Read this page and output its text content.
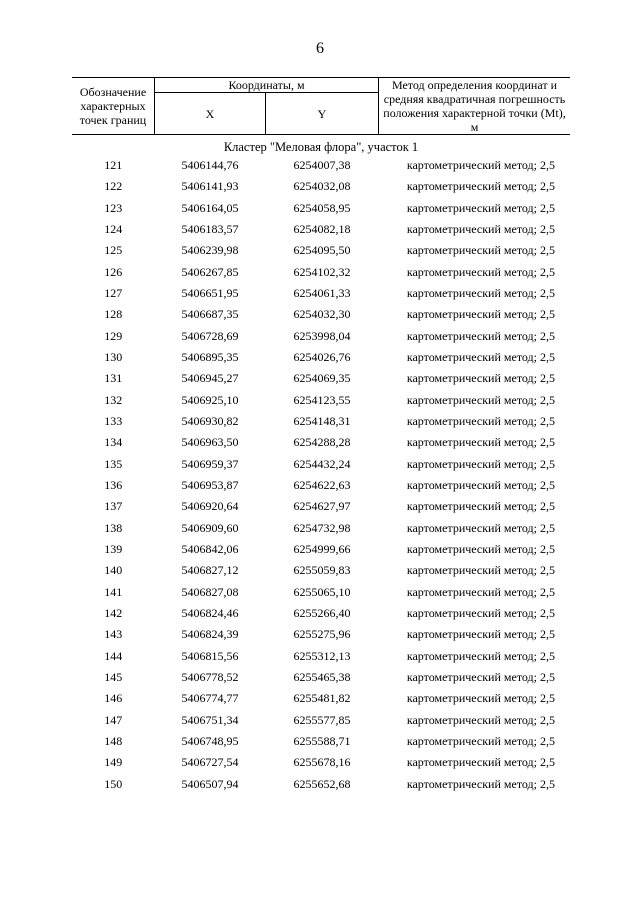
6
Обозначение характерных точек границ	Координаты, м		Метод определения координат и средняя квадратичная погрешность положения характерной точки (Mt), м
	X	Y	
Кластер "Меловая флора", участок 1			
121	5406144,76	6254007,38	картометрический метод; 2,5
122	5406141,93	6254032,08	картометрический метод; 2,5
123	5406164,05	6254058,95	картометрический метод; 2,5
124	5406183,57	6254082,18	картометрический метод; 2,5
125	5406239,98	6254095,50	картометрический метод; 2,5
126	5406267,85	6254102,32	картометрический метод; 2,5
127	5406651,95	6254061,33	картометрический метод; 2,5
128	5406687,35	6254032,30	картометрический метод; 2,5
129	5406728,69	6253998,04	картометрический метод; 2,5
130	5406895,35	6254026,76	картометрический метод; 2,5
131	5406945,27	6254069,35	картометрический метод; 2,5
132	5406925,10	6254123,55	картометрический метод; 2,5
133	5406930,82	6254148,31	картометрический метод; 2,5
134	5406963,50	6254288,28	картометрический метод; 2,5
135	5406959,37	6254432,24	картометрический метод; 2,5
136	5406953,87	6254622,63	картометрический метод; 2,5
137	5406920,64	6254627,97	картометрический метод; 2,5
138	5406909,60	6254732,98	картометрический метод; 2,5
139	5406842,06	6254999,66	картометрический метод; 2,5
140	5406827,12	6255059,83	картометрический метод; 2,5
141	5406827,08	6255065,10	картометрический метод; 2,5
142	5406824,46	6255266,40	картометрический метод; 2,5
143	5406824,39	6255275,96	картометрический метод; 2,5
144	5406815,56	6255312,13	картометрический метод; 2,5
145	5406778,52	6255465,38	картометрический метод; 2,5
146	5406774,77	6255481,82	картометрический метод; 2,5
147	5406751,34	6255577,85	картометрический метод; 2,5
148	5406748,95	6255588,71	картометрический метод; 2,5
149	5406727,54	6255678,16	картометрический метод; 2,5
150	5406507,94	6255652,68	картометрический метод; 2,5
